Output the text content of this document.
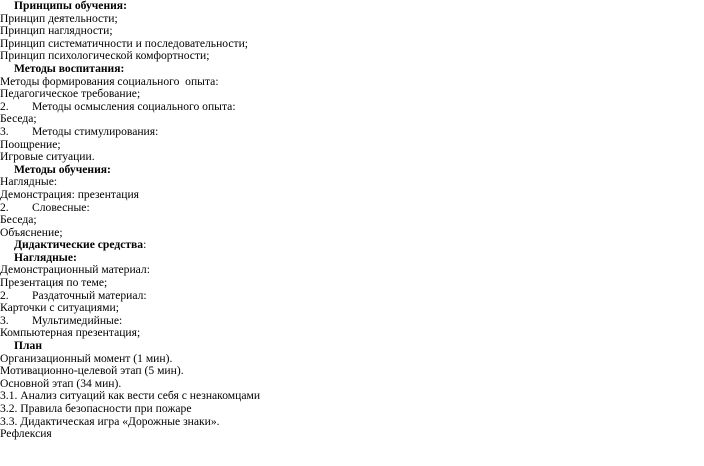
Принципы обучения:
Принцип деятельности;
Принцип наглядности;
Принцип систематичности и последовательности;
Принцип психологической комфортности;
Методы воспитания:
Методы формирования социального  опыта:
Педагогическое требование;
2. Методы осмысления социального опыта:
Беседа;
3. Методы стимулирования:
Поощрение;
Игровые ситуации.
Методы обучения:
Наглядные:
Демонстрация: презентация
2. Словесные:
Беседа;
Объяснение;
Дидактические средства:
Наглядные:
Демонстрационный материал:
Презентация по теме;
2. Раздаточный материал:
Карточки с ситуациями;
3. Мультимедийные:
Компьютерная презентация;
План
Организационный момент (1 мин).
Мотивационно-целевой этап (5 мин).
Основной этап (34 мин).
3.1. Анализ ситуаций как вести себя с незнакомцами
3.2. Правила безопасности при пожаре
3.3. Дидактическая игра «Дорожные знаки».
Рефлексия
